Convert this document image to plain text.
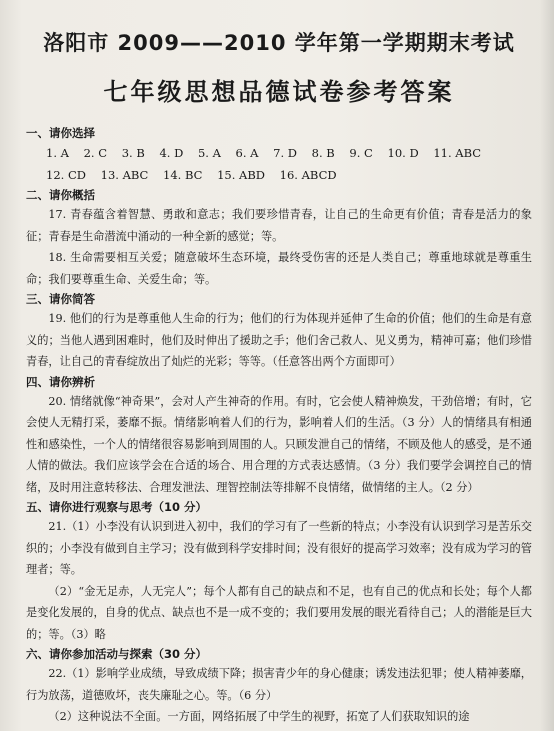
洛阳市 2009——2010 学年第一学期期末考试
七年级思想品德试卷参考答案
一、请你选择
1. A 2. C 3. B 4. D 5. A 6. A 7. D 8. B 9. C 10. D 11. ABC
12. CD 13. ABC 14. BC 15. ABD 16. ABCD
二、请你概括

17. 青春蕴含着智慧、勇敢和意志；我们要珍惜青春，让自己的生命更有价值；青春是活力的象征；青春是生命潜流中涌动的一种全新的感觉；等。

18. 生命需要相互关爱；随意破坏生态环境，最终受伤害的还是人类自己；尊重地球就是尊重生命；我们要尊重生命、关爱生命；等。

三、请你简答

19. 他们的行为是尊重他人生命的行为；他们的行为体现并延伸了生命的价值；他们的生命是有意义的；当他人遇到困难时，他们及时伸出了援助之手；他们舍己救人、见义勇为，精神可嘉；他们珍惜青春，让自己的青春绽放出了灿烂的光彩；等等。（任意答出两个方面即可）

四、请你辨析

20. 情绪就像“神奇果”，会对人产生神奇的作用。有时，它会使人精神焕发，干劲倍增；有时，它会使人无精打采，萎靡不振。情绪影响着人们的行为，影响着人们的生活。（3 分）人的情绪具有相通性和感染性，一个人的情绪很容易影响到周围的人。只顾发泄自己的情绪，不顾及他人的感受，是不通人情的做法。我们应该学会在合适的场合、用合理的方式表达感情。（3 分）我们要学会调控自己的情绪，及时用注意转移法、合理发泄法、理智控制法等排解不良情绪，做情绪的主人。（2 分）

五、请你进行观察与思考（10 分）

21.（1）小李没有认识到进入初中，我们的学习有了一些新的特点；小李没有认识到学习是苦乐交织的；小李没有做到自主学习；没有做到科学安排时间；没有很好的提高学习效率；没有成为学习的管理者；等。

（2）“金无足赤，人无完人”；每个人都有自己的缺点和不足，也有自己的优点和长处；每个人都是变化发展的，自身的优点、缺点也不是一成不变的；我们要用发展的眼光看待自己；人的潜能是巨大的；等。（3）略

六、请你参加活动与探索（30 分）

22.（1）影响学业成绩，导致成绩下降；损害青少年的身心健康；诱发违法犯罪；使人精神萎靡，行为放荡，道德败坏，丧失廉耻之心。等。（6 分）

（2）这种说法不全面。一方面，网络拓展了中学生的视野，拓宽了人们获取知识的途
